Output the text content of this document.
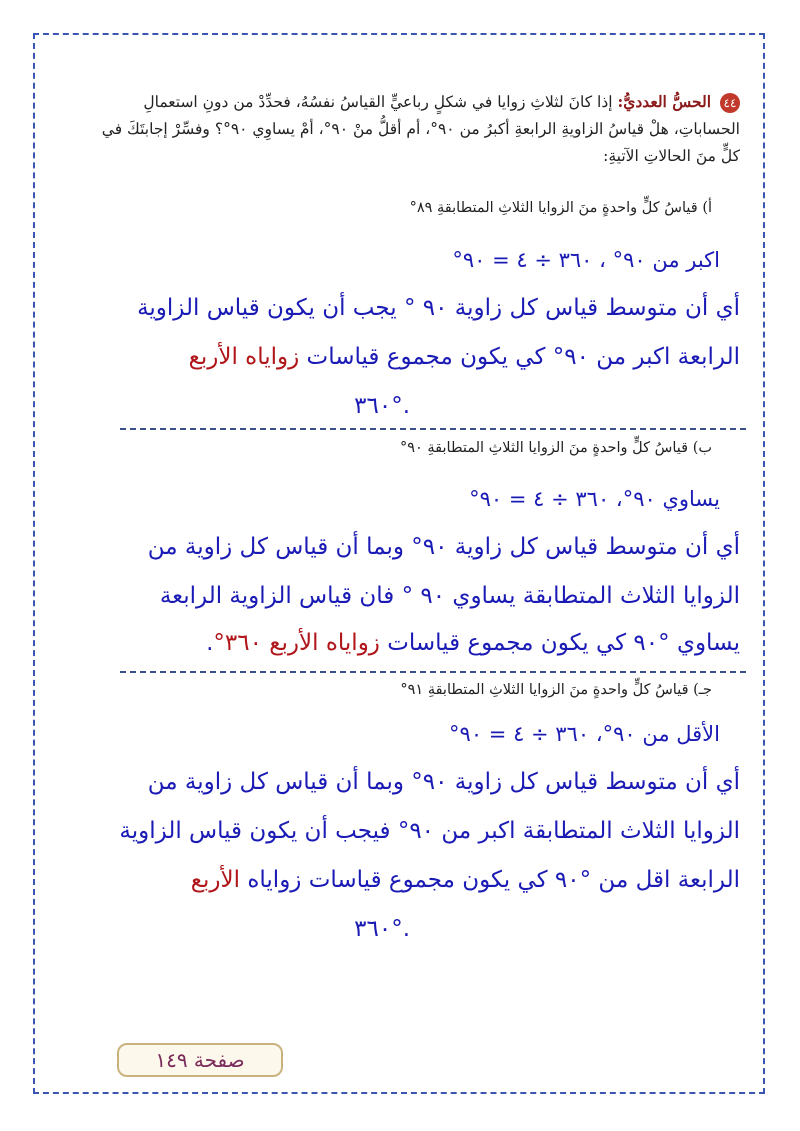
٤٤ الحسُّ العدديُّ: إذا كانَ لثلاثِ زوايا في شكلٍ رباعيٍّ القياسُ نفسُهُ، فحدِّدْ من دونِ استعمالِ الحساباتِ، هلْ قياسُ الزاويةِ الرابعةِ أكبرُ من ٩٠°، أم أقلُّ منْ ٩٠°، أمْ يساوِي ٩٠°؟ وفسِّرْ إجابتَكَ في كلٍّ منَ الحالاتِ الآتيةِ:
أ) قياسُ كلٍّ واحدةٍ منَ الزوايا الثلاثِ المتطابقةِ ٨٩°
اكبر من ٩٠° ، ٣٦٠ ÷ ٤ = ٩٠°
أي أن متوسط قياس كل زاوية ٩٠ ° يجب أن يكون قياس الزاوية
الرابعة اكبر من ٩٠° كي يكون مجموع قياسات زواياه الأربع
.°٣٦٠
ب) قياسُ كلٍّ واحدةٍ منَ الزوايا الثلاثِ المتطابقةِ ٩٠°
يساوي ٩٠°، ٣٦٠ ÷ ٤ = ٩٠°
أي أن متوسط قياس كل زاوية ٩٠° وبما أن قياس كل زاوية من
الزوايا الثلاث المتطابقة يساوي ٩٠ ° فان قياس الزاوية الرابعة
يساوي °٩٠ كي يكون مجموع قياسات زواياه الأربع ٣٦٠°.
جـ) قياسُ كلٍّ واحدةٍ منَ الزوايا الثلاثِ المتطابقةِ ٩١°
الأقل من ٩٠°، ٣٦٠ ÷ ٤ = ٩٠°
أي أن متوسط قياس كل زاوية ٩٠° وبما أن قياس كل زاوية من
الزوايا الثلاث المتطابقة اكبر من ٩٠° فيجب أن يكون قياس الزاوية
الرابعة اقل من °٩٠ كي يكون مجموع قياسات زواياه الأربع
.°٣٦٠
صفحة ١٤٩
